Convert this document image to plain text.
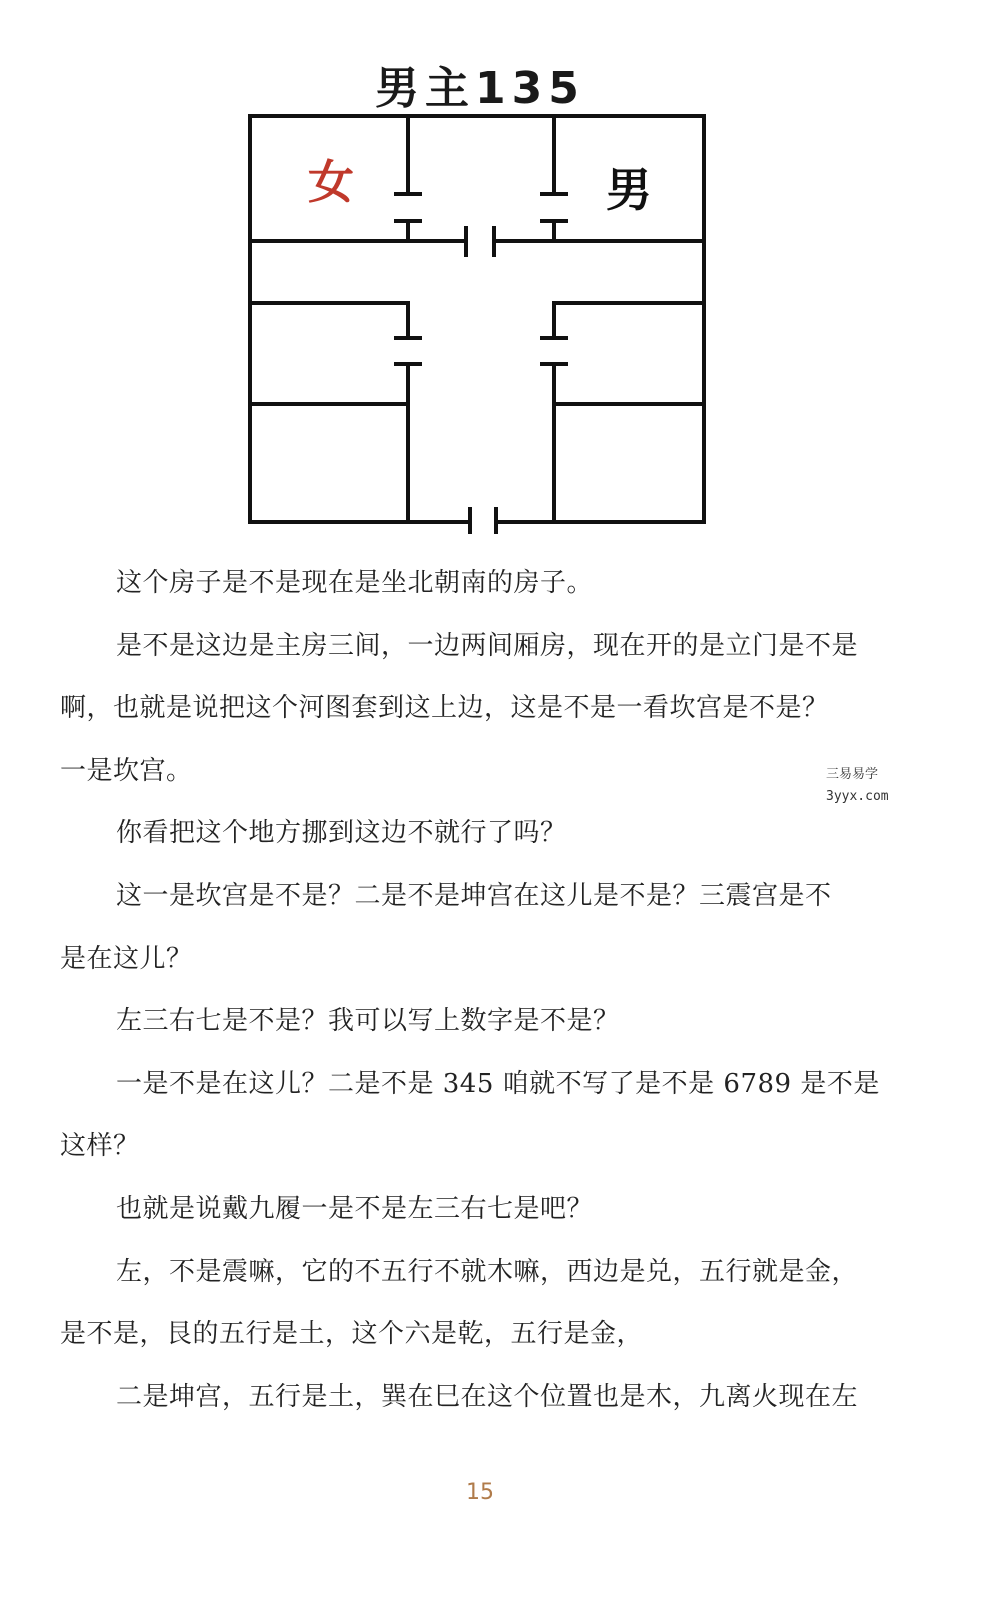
男主135
女	男
这个房子是不是现在是坐北朝南的房子。
是不是这边是主房三间，一边两间厢房，现在开的是立门是不是
啊，也就是说把这个河图套到这上边，这是不是一看坎宫是不是？
一是坎宫。
你看把这个地方挪到这边不就行了吗？
这一是坎宫是不是？二是不是坤宫在这儿是不是？三震宫是不
是在这儿？
左三右七是不是？我可以写上数字是不是？
一是不是在这儿？二是不是 345 咱就不写了是不是 6789 是不是
这样？
也就是说戴九履一是不是左三右七是吧？
左，不是震嘛，它的不五行不就木嘛，西边是兑，五行就是金，
是不是，艮的五行是土，这个六是乾，五行是金，
二是坤宫，五行是土，巽在巳在这个位置也是木，九离火现在左
三易易学
3yyx.com
15
